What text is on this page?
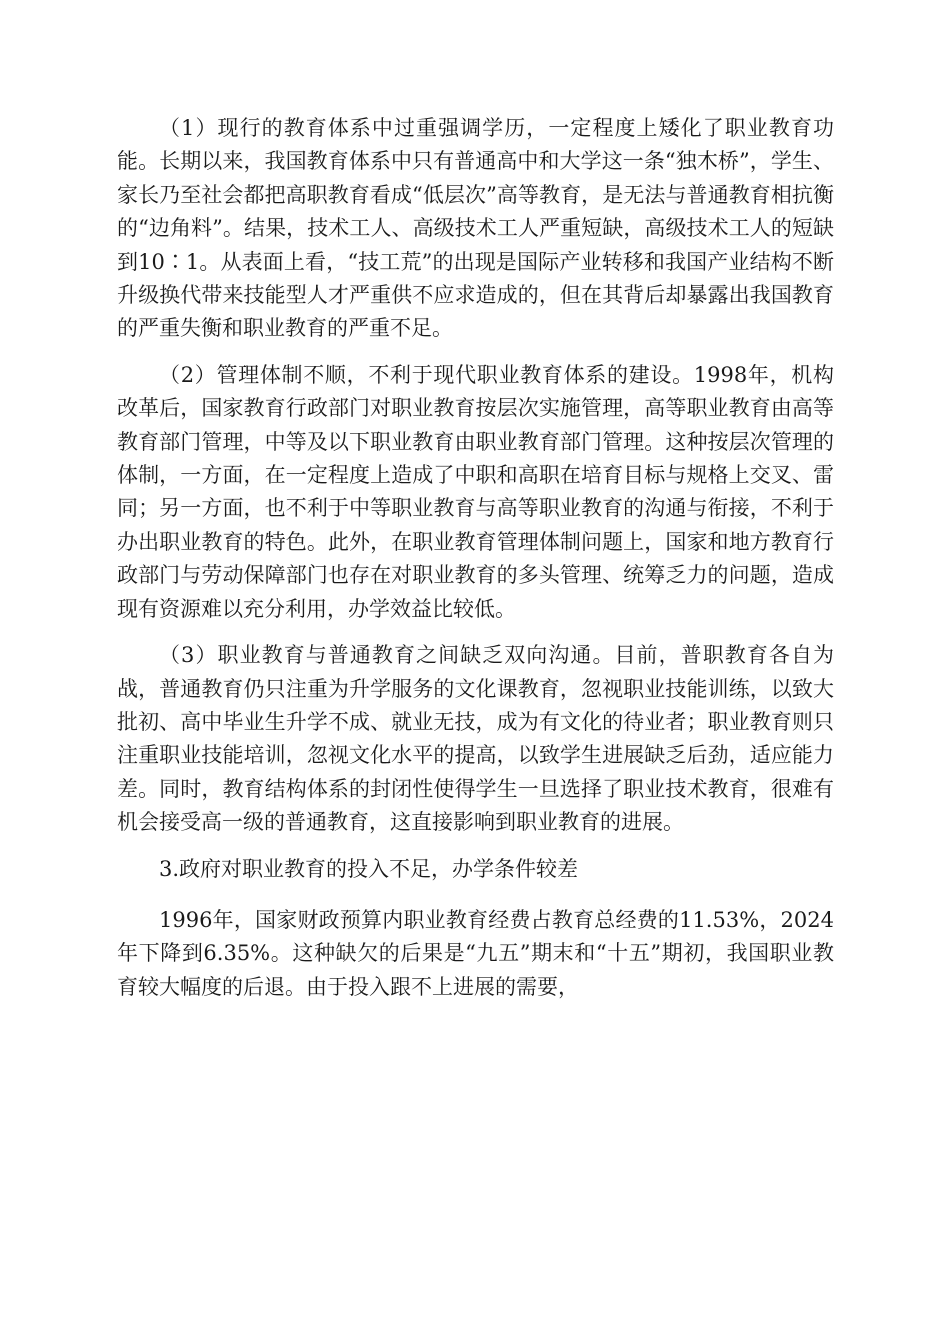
（1）现行的教育体系中过重强调学历，一定程度上矮化了职业教育功能。长期以来，我国教育体系中只有普通高中和大学这一条“独木桥”，学生、家长乃至社会都把高职教育看成“低层次”高等教育，是无法与普通教育相抗衡的“边角料”。结果，技术工人、高级技术工人严重短缺，高级技术工人的短缺到10∶1。从表面上看，“技工荒”的出现是国际产业转移和我国产业结构不断升级换代带来技能型人才严重供不应求造成的，但在其背后却暴露出我国教育的严重失衡和职业教育的严重不足。

（2）管理体制不顺，不利于现代职业教育体系的建设。1998年，机构改革后，国家教育行政部门对职业教育按层次实施管理，高等职业教育由高等教育部门管理，中等及以下职业教育由职业教育部门管理。这种按层次管理的体制，一方面，在一定程度上造成了中职和高职在培育目标与规格上交叉、雷同；另一方面，也不利于中等职业教育与高等职业教育的沟通与衔接，不利于办出职业教育的特色。此外，在职业教育管理体制问题上，国家和地方教育行政部门与劳动保障部门也存在对职业教育的多头管理、统筹乏力的问题，造成现有资源难以充分利用，办学效益比较低。

（3）职业教育与普通教育之间缺乏双向沟通。目前，普职教育各自为战，普通教育仍只注重为升学服务的文化课教育，忽视职业技能训练，以致大批初、高中毕业生升学不成、就业无技，成为有文化的待业者；职业教育则只注重职业技能培训，忽视文化水平的提高，以致学生进展缺乏后劲，适应能力差。同时，教育结构体系的封闭性使得学生一旦选择了职业技术教育，很难有机会接受高一级的普通教育，这直接影响到职业教育的进展。

3.政府对职业教育的投入不足，办学条件较差

1996年，国家财政预算内职业教育经费占教育总经费的11.53%，2024年下降到6.35%。这种缺欠的后果是“九五”期末和“十五”期初，我国职业教育较大幅度的后退。由于投入跟不上进展的需要，
